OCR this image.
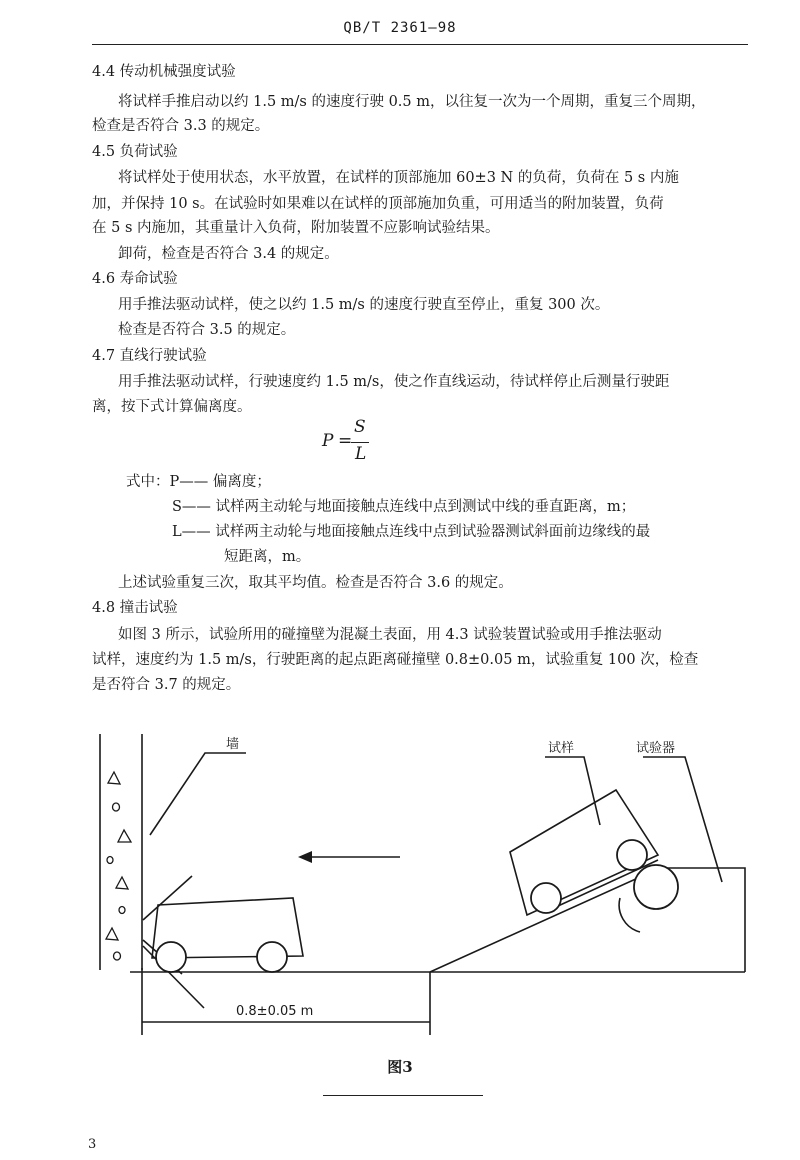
QB/T 2361—98
4.4 传动机械强度试验
将试样手推启动以约 1.5 m/s 的速度行驶 0.5 m，以往复一次为一个周期，重复三个周期，
检查是否符合 3.3 的规定。
4.5 负荷试验
将试样处于使用状态，水平放置，在试样的顶部施加 60±3 N 的负荷，负荷在 5 s 内施
加，并保持 10 s。在试验时如果难以在试样的顶部施加负重，可用适当的附加装置，负荷
在 5 s 内施加，其重量计入负荷，附加装置不应影响试验结果。
卸荷，检查是否符合 3.4 的规定。
4.6 寿命试验
用手推法驱动试样，使之以约 1.5 m/s 的速度行驶直至停止，重复 300 次。
检查是否符合 3.5 的规定。
4.7 直线行驶试验
用手推法驱动试样，行驶速度约 1.5 m/s，使之作直线运动，待试样停止后测量行驶距
离，按下式计算偏离度。
P =
S
L
式中：P—— 偏离度；
S—— 试样两主动轮与地面接触点连线中点到测试中线的垂直距离，m；
L—— 试样两主动轮与地面接触点连线中点到试验器测试斜面前边缘线的最
短距离，m。
上述试验重复三次，取其平均值。检查是否符合 3.6 的规定。
4.8 撞击试验
如图 3 所示，试验所用的碰撞壁为混凝土表面，用 4.3 试验装置试验或用手推法驱动
试样，速度约为 1.5 m/s，行驶距离的起点距离碰撞壁 0.8±0.05 m，试验重复 100 次，检查
是否符合 3.7 的规定。
墙	试样	试验器
0.8±0.05 m
图3
3
